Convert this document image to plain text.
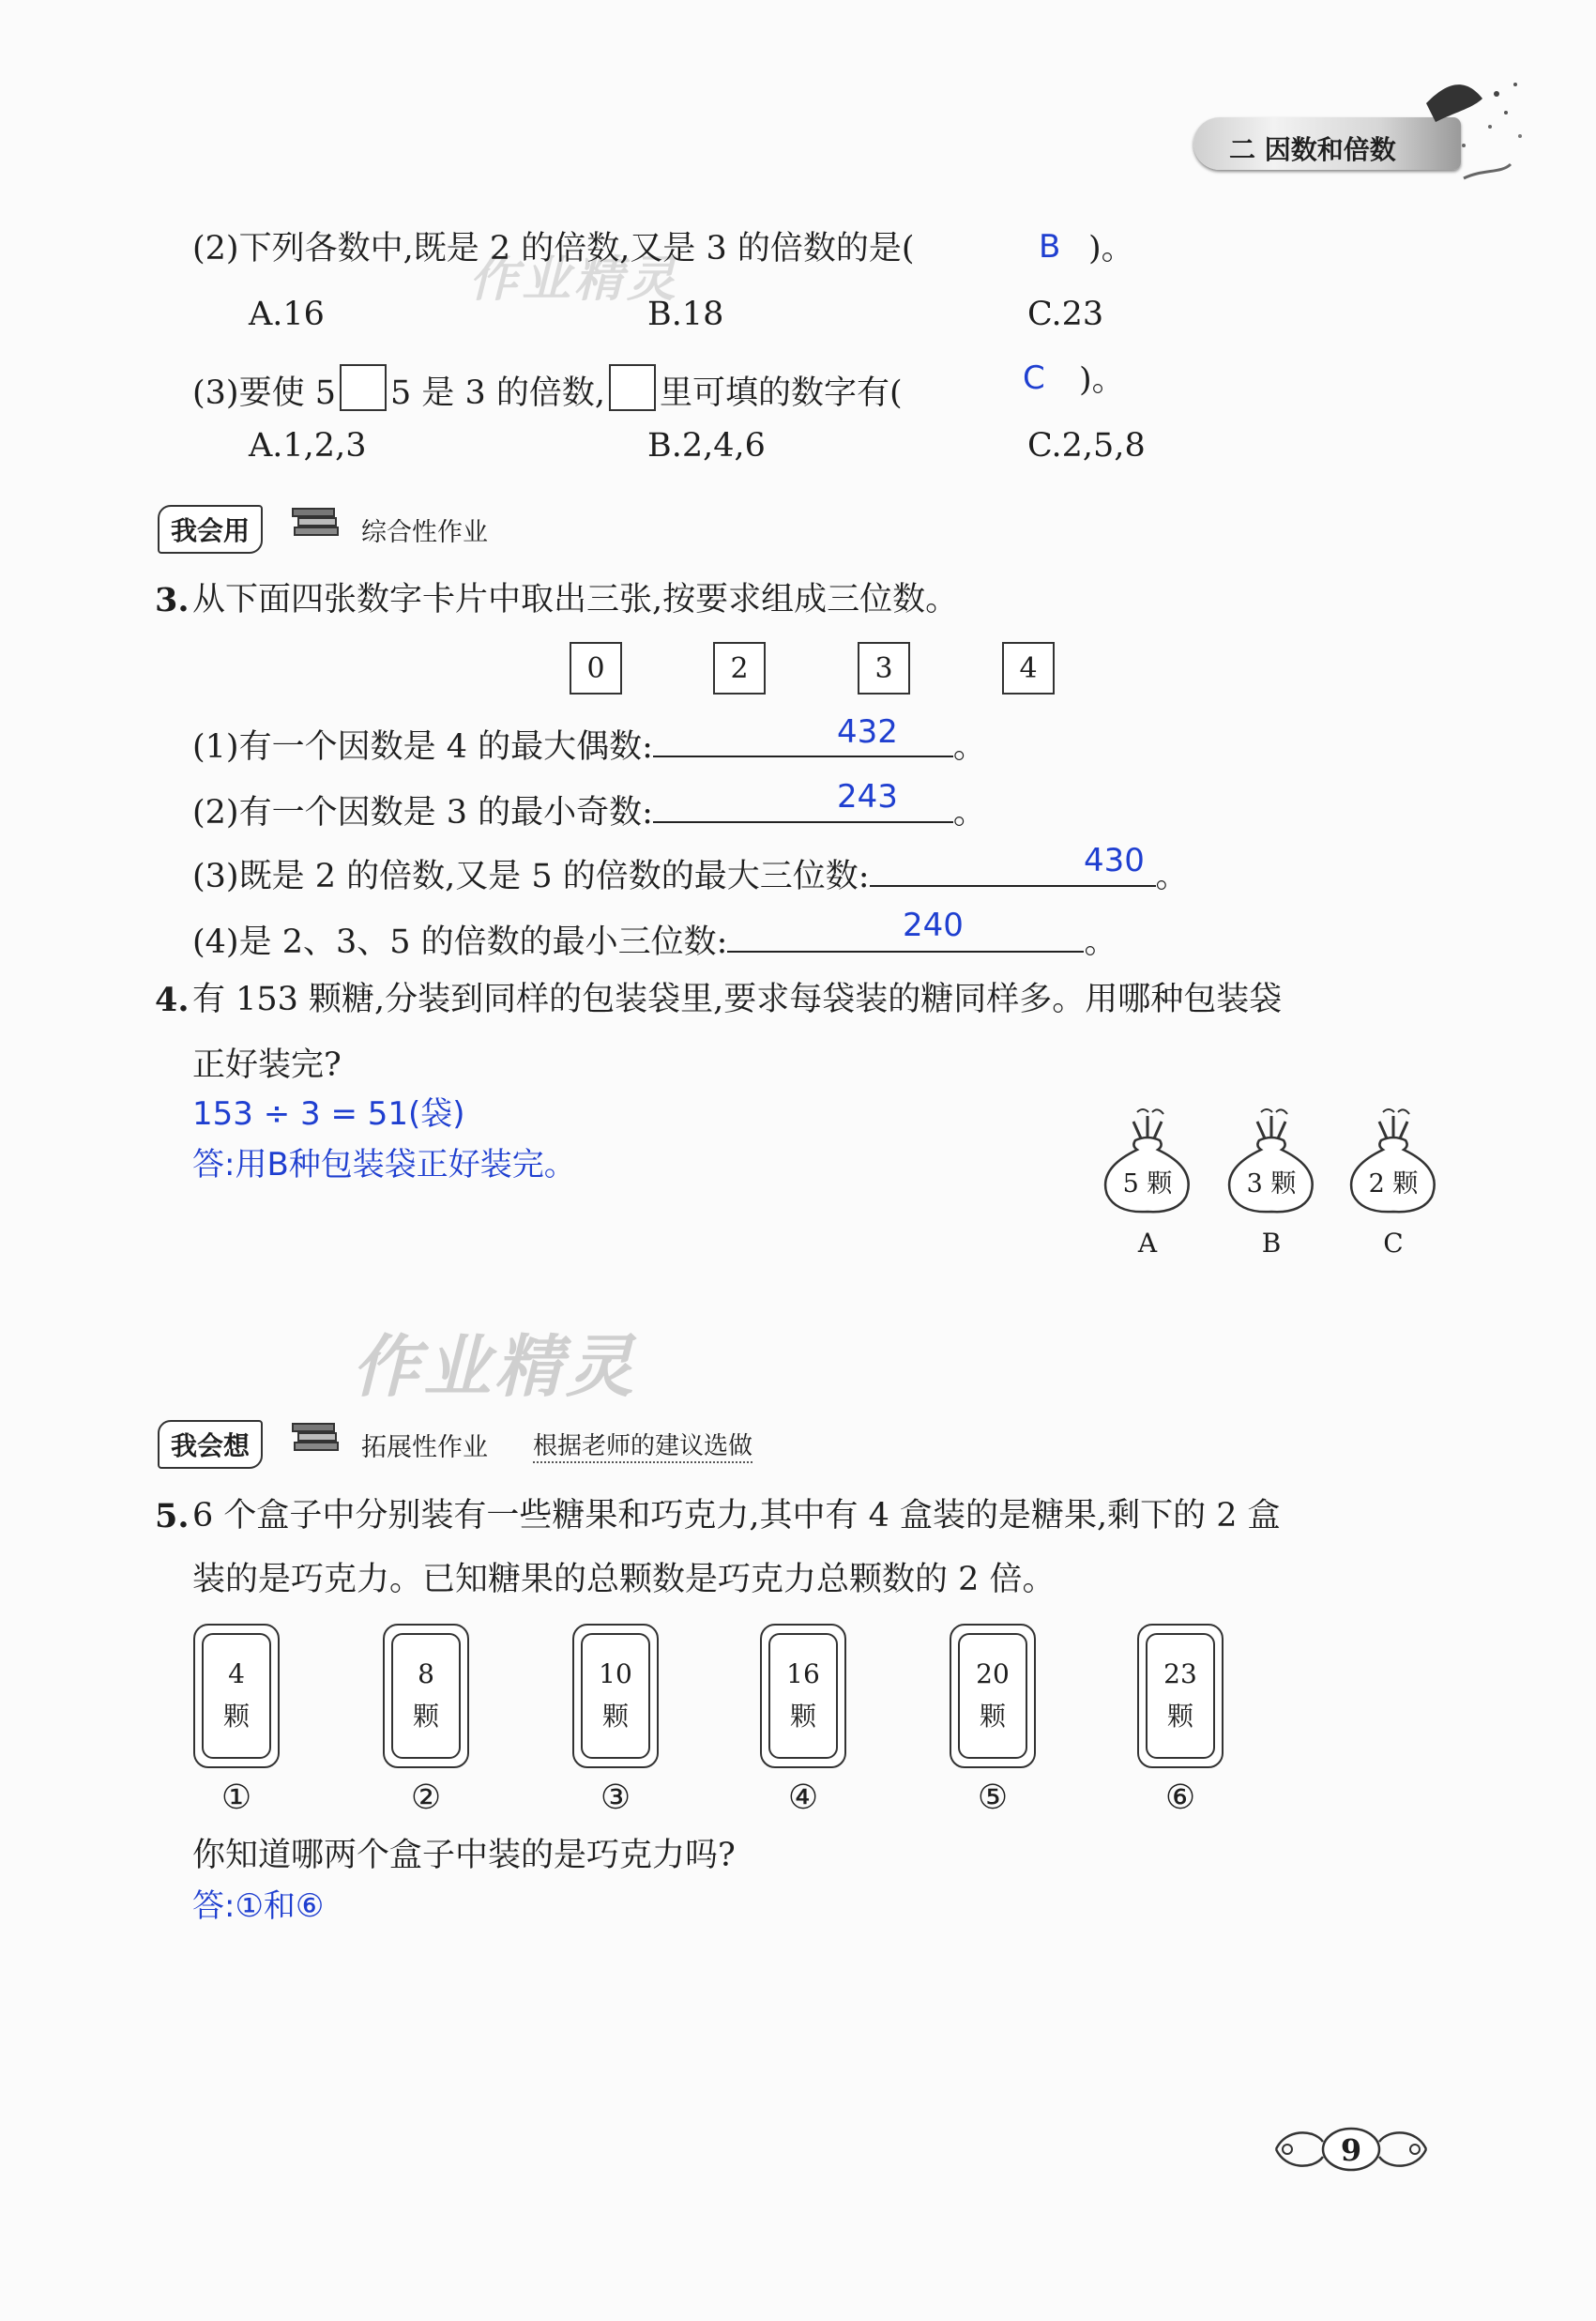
二 因数和倍数
作业精灵
(2)下列各数中,既是 2 的倍数,又是 3 的倍数的是(	B )。
A.16	B.18	C.23
(3)要使 5 5 是 3 的倍数, 里可填的数字有(	C )。
A.1,2,3	B.2,4,6	C.2,5,8
我会用	综合性作业
3. 从下面四张数字卡片中取出三张,按要求组成三位数。
0	2	3	4
(1)有一个因数是 4 的最大偶数:	。
432
(2)有一个因数是 3 的最小奇数:	。
243
(3)既是 2 的倍数,又是 5 的倍数的最大三位数:	。
430
(4)是 2、3、5 的倍数的最小三位数:	。
240
4. 有 153 颗糖,分装到同样的包装袋里,要求每袋装的糖同样多。用哪种包装袋
正好装完?
153 ÷ 3 = 51(袋)
答:用B种包装袋正好装完。
5 颗
A
3 颗
B
2 颗
C
作业精灵
我会想	拓展性作业 根据老师的建议选做
5. 6 个盒子中分别装有一些糖果和巧克力,其中有 4 盒装的是糖果,剩下的 2 盒
装的是巧克力。已知糖果的总颗数是巧克力总颗数的 2 倍。
4
颗
①
8
颗
②
10
颗
③
16
颗
④
20
颗
⑤
23
颗
⑥
你知道哪两个盒子中装的是巧克力吗?
答:①和⑥
9
